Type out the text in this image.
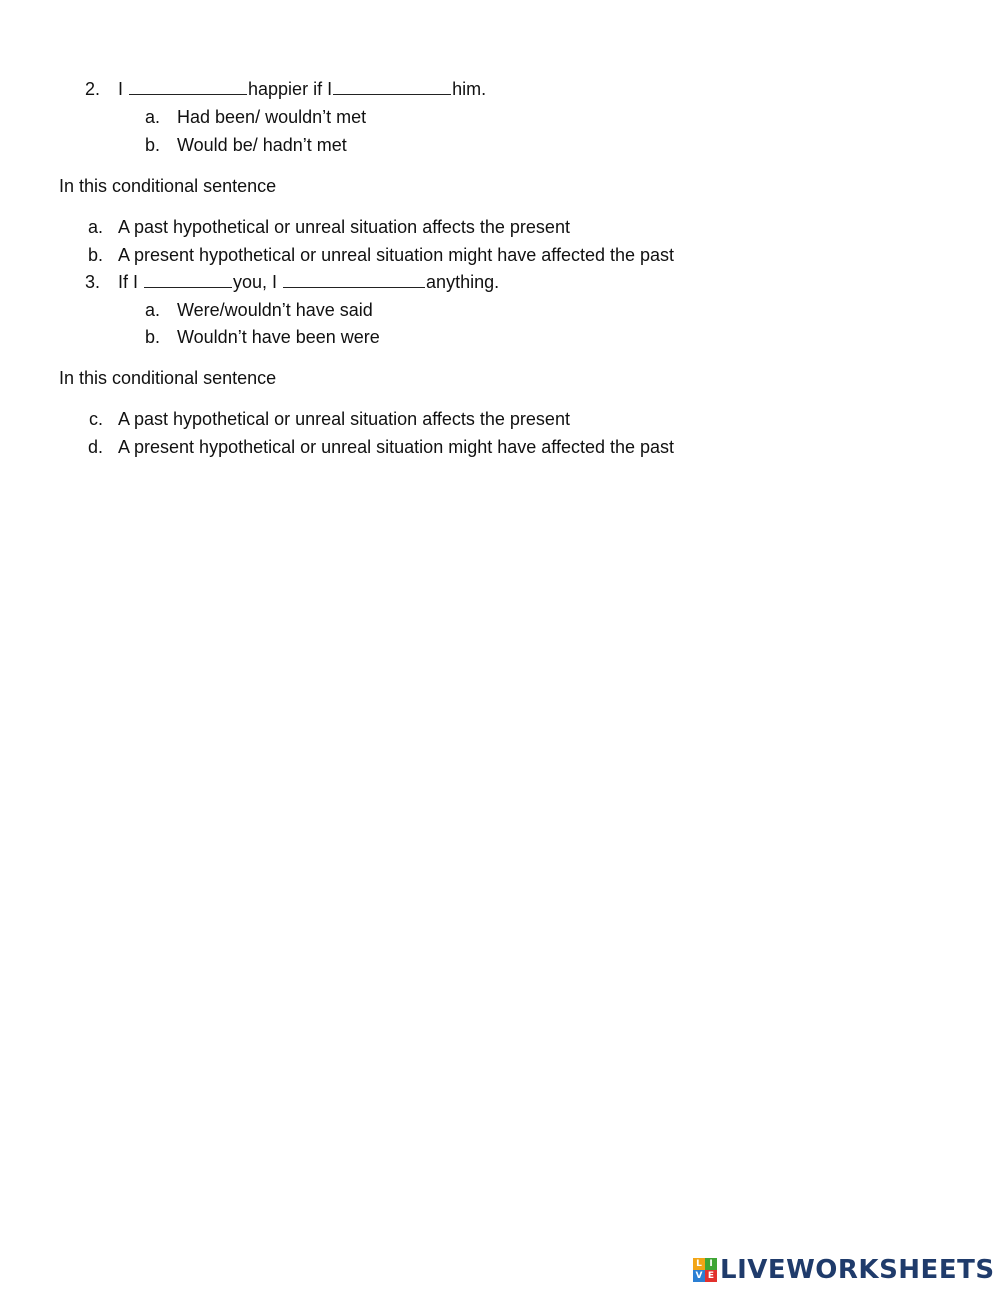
2. I	happier if I	him.
a. Had been/ wouldn’t met
b. Would be/ hadn’t met
In this conditional sentence
a. A past hypothetical or unreal situation affects the present
b. A present hypothetical or unreal situation might have affected the past
3. If I	you, I	anything.
a. Were/wouldn’t have said
b. Wouldn’t have been were
In this conditional sentence
c. A past hypothetical or unreal situation affects the present
d. A present hypothetical or unreal situation might have affected the past
L I
V E LIVEWORKSHEETS
